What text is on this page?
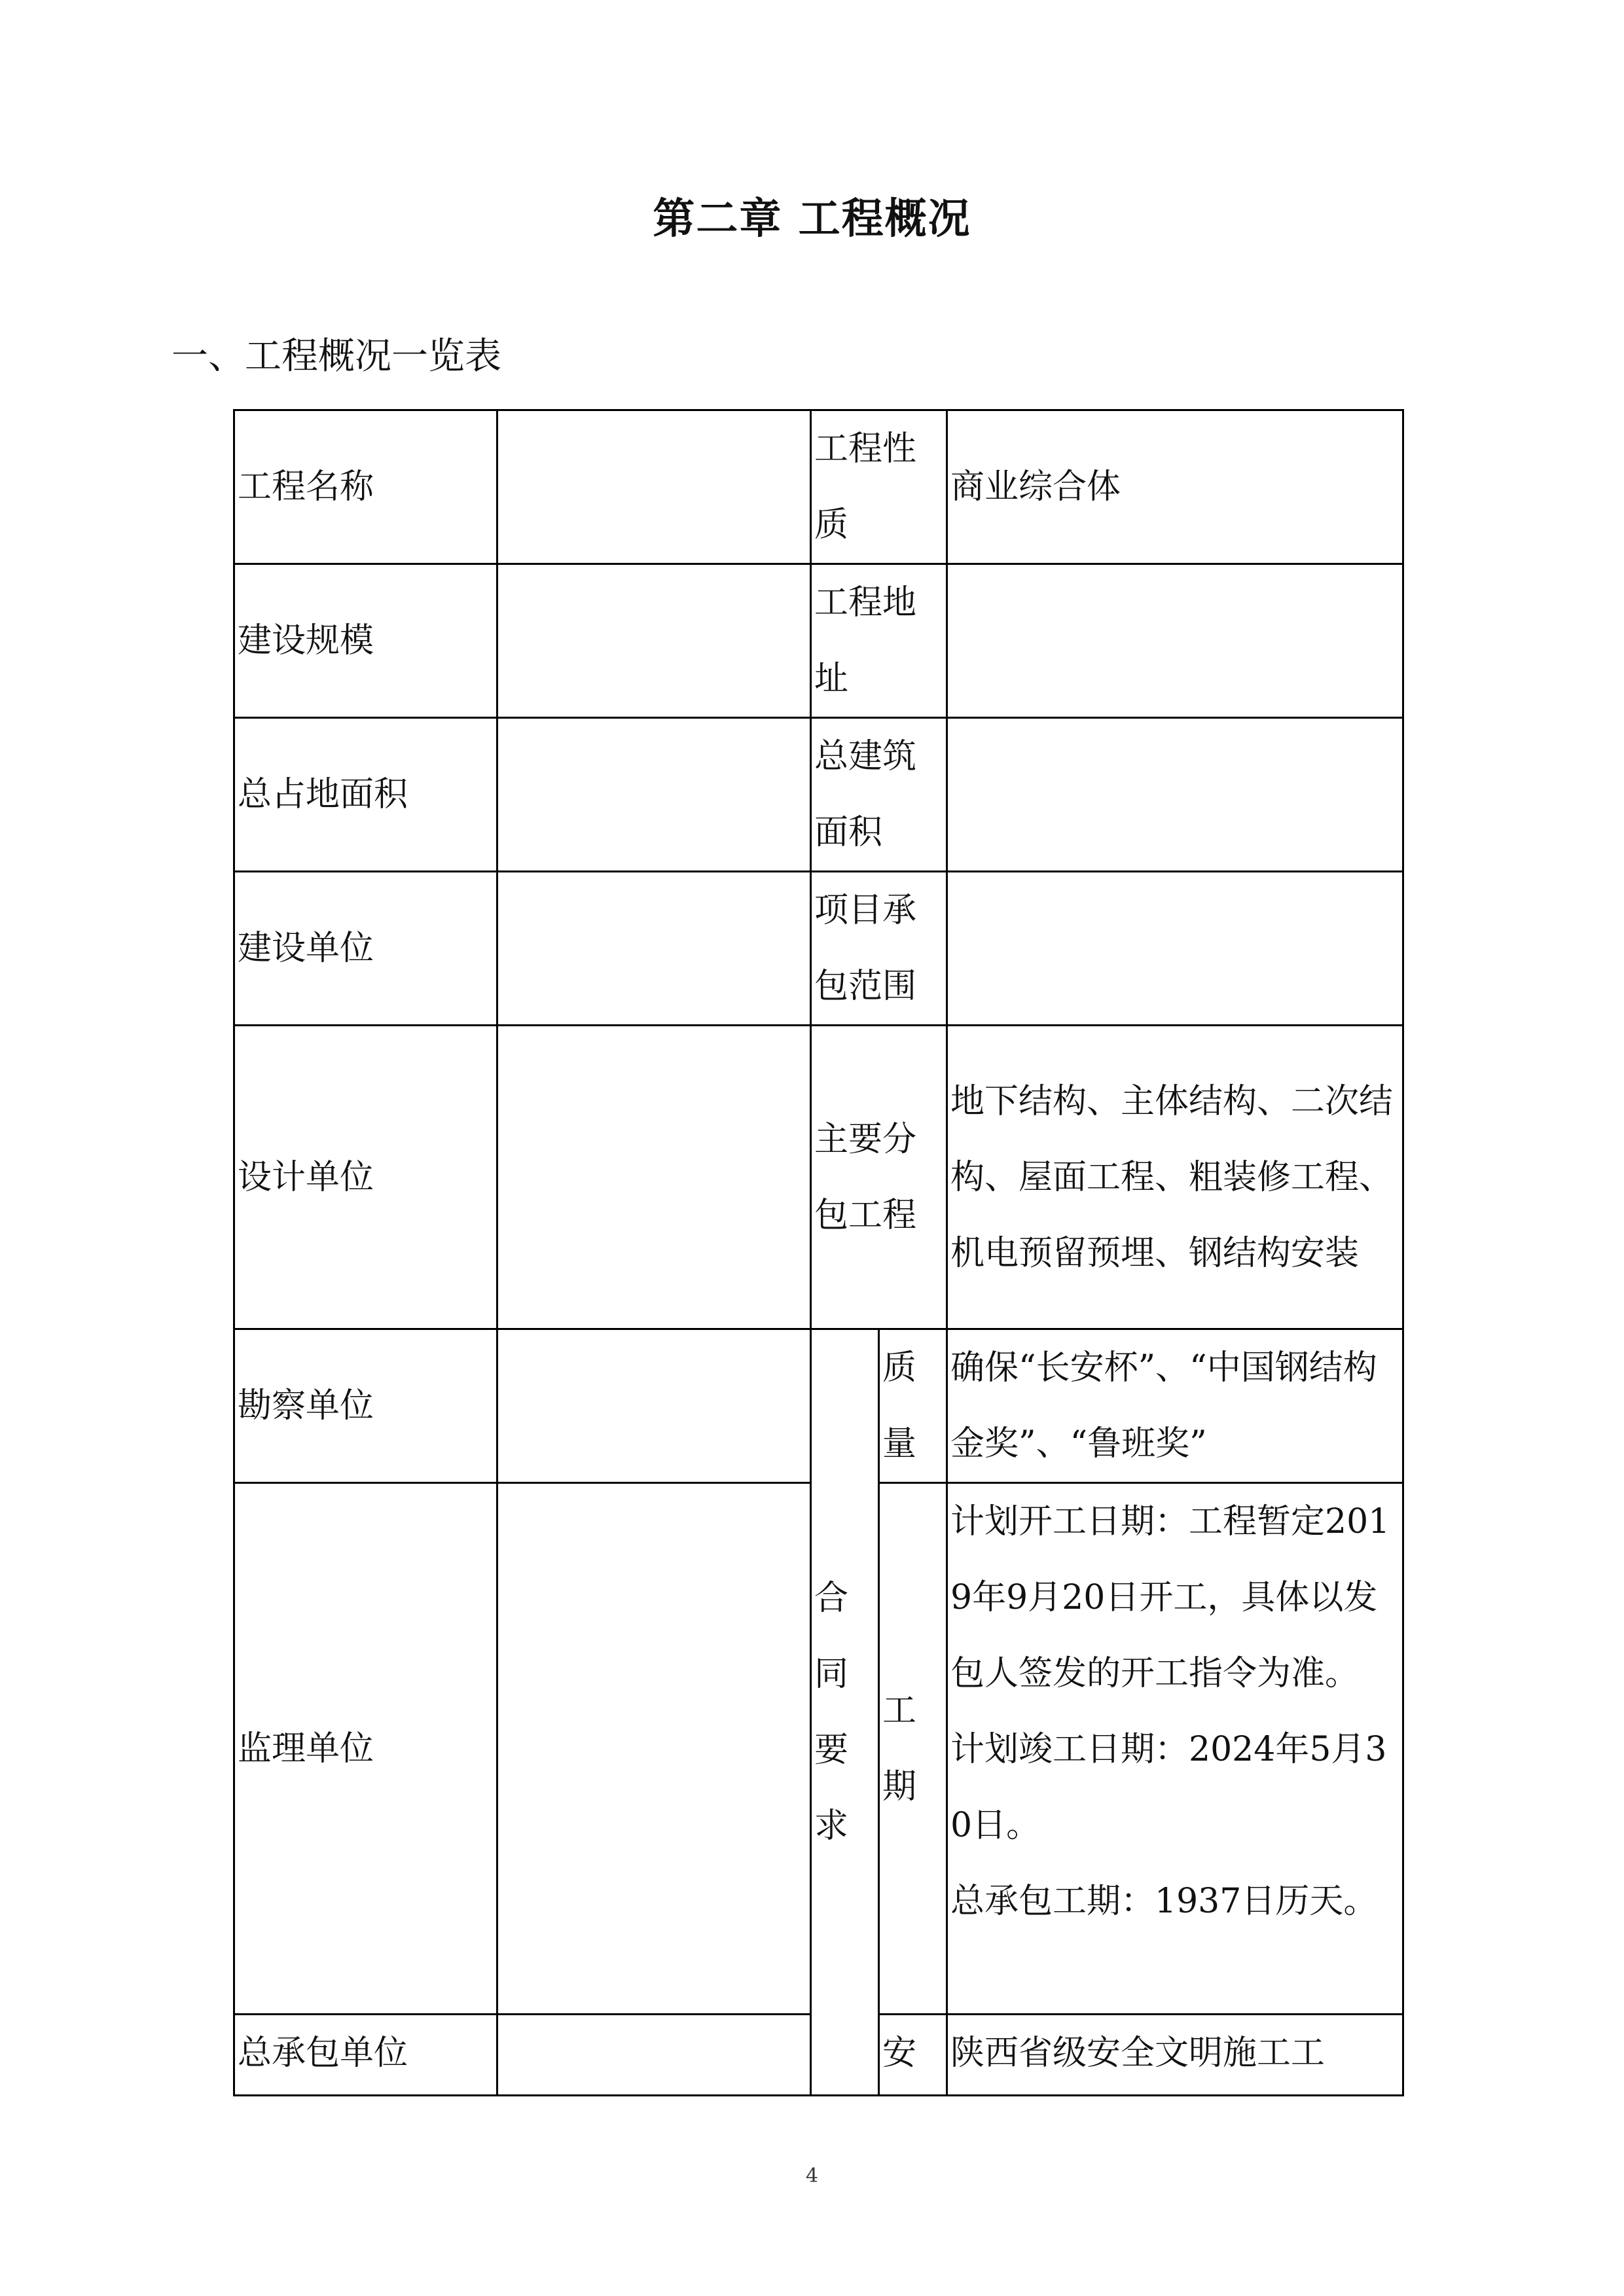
第二章 工程概况
一、工程概况一览表
工程名称		工程性质		商业综合体
建设规模		工程地址		
总占地面积		总建筑面积		
建设单位		项目承包范围		
设计单位		主要分包工程		地下结构、主体结构、二次结构、屋面工程、粗装修工程、机电预留预埋、钢结构安装
勘察单位		合同要求	质量	确保“长安杯”、“中国钢结构金奖”、“鲁班奖”
监理单位			工期	计划开工日期：工程暂定2019年9月20日开工，具体以发包人签发的开工指令为准。
计划竣工日期：2024年5月30日。
总承包工期：1937日历天。

总承包单位			安	陕西省级安全文明施工工
4
